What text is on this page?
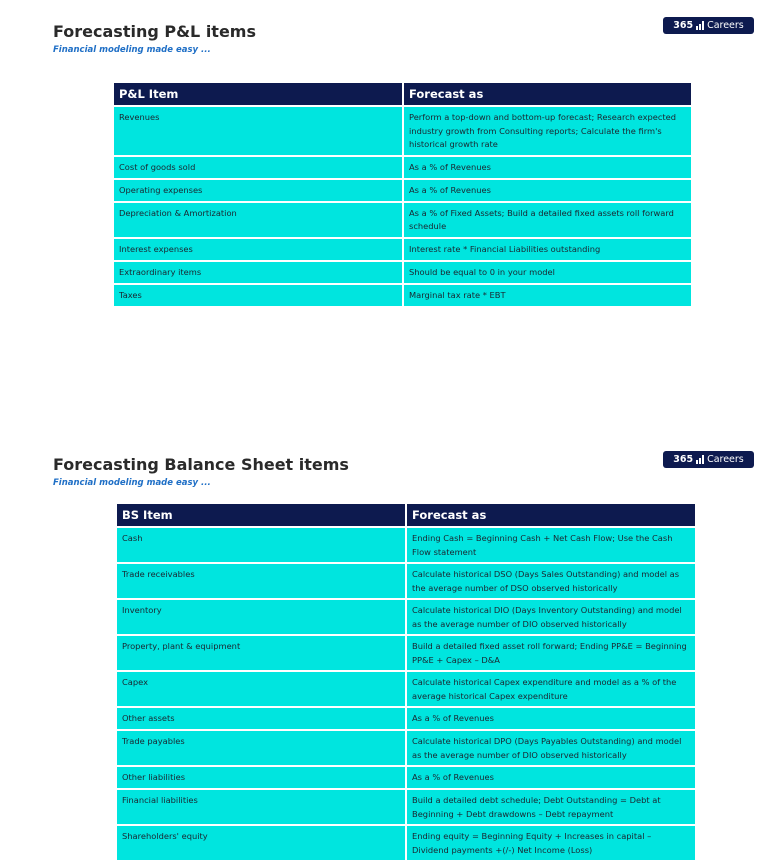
Forecasting P&L items
Financial modeling made easy ...
365 Careers
P&L Item	Forecast as
Revenues	Perform a top-down and bottom-up forecast; Research expected industry growth from Consulting reports; Calculate the firm's historical growth rate
Cost of goods sold	As a % of Revenues
Operating expenses	As a % of Revenues
Depreciation & Amortization	As a % of Fixed Assets; Build a detailed fixed assets roll forward schedule
Interest expenses	Interest rate * Financial Liabilities outstanding
Extraordinary items	Should be equal to 0 in your model
Taxes	Marginal tax rate * EBT
Forecasting Balance Sheet items
Financial modeling made easy ...
365 Careers
BS Item	Forecast as
Cash	Ending Cash = Beginning Cash + Net Cash Flow; Use the Cash Flow statement
Trade receivables	Calculate historical DSO (Days Sales Outstanding) and model as the average number of DSO observed historically
Inventory	Calculate historical DIO (Days Inventory Outstanding) and model as the average number of DIO observed historically
Property, plant & equipment	Build a detailed fixed asset roll forward; Ending PP&E = Beginning PP&E + Capex – D&A
Capex	Calculate historical Capex expenditure and model as a % of the average historical Capex expenditure
Other assets	As a % of Revenues
Trade payables	Calculate historical DPO (Days Payables Outstanding) and model as the average number of DIO observed historically
Other liabilities	As a % of Revenues
Financial liabilities	Build a detailed debt schedule; Debt Outstanding = Debt at Beginning + Debt drawdowns – Debt repayment
Shareholders' equity	Ending equity = Beginning Equity + Increases in capital – Dividend payments +(/-) Net Income (Loss)
